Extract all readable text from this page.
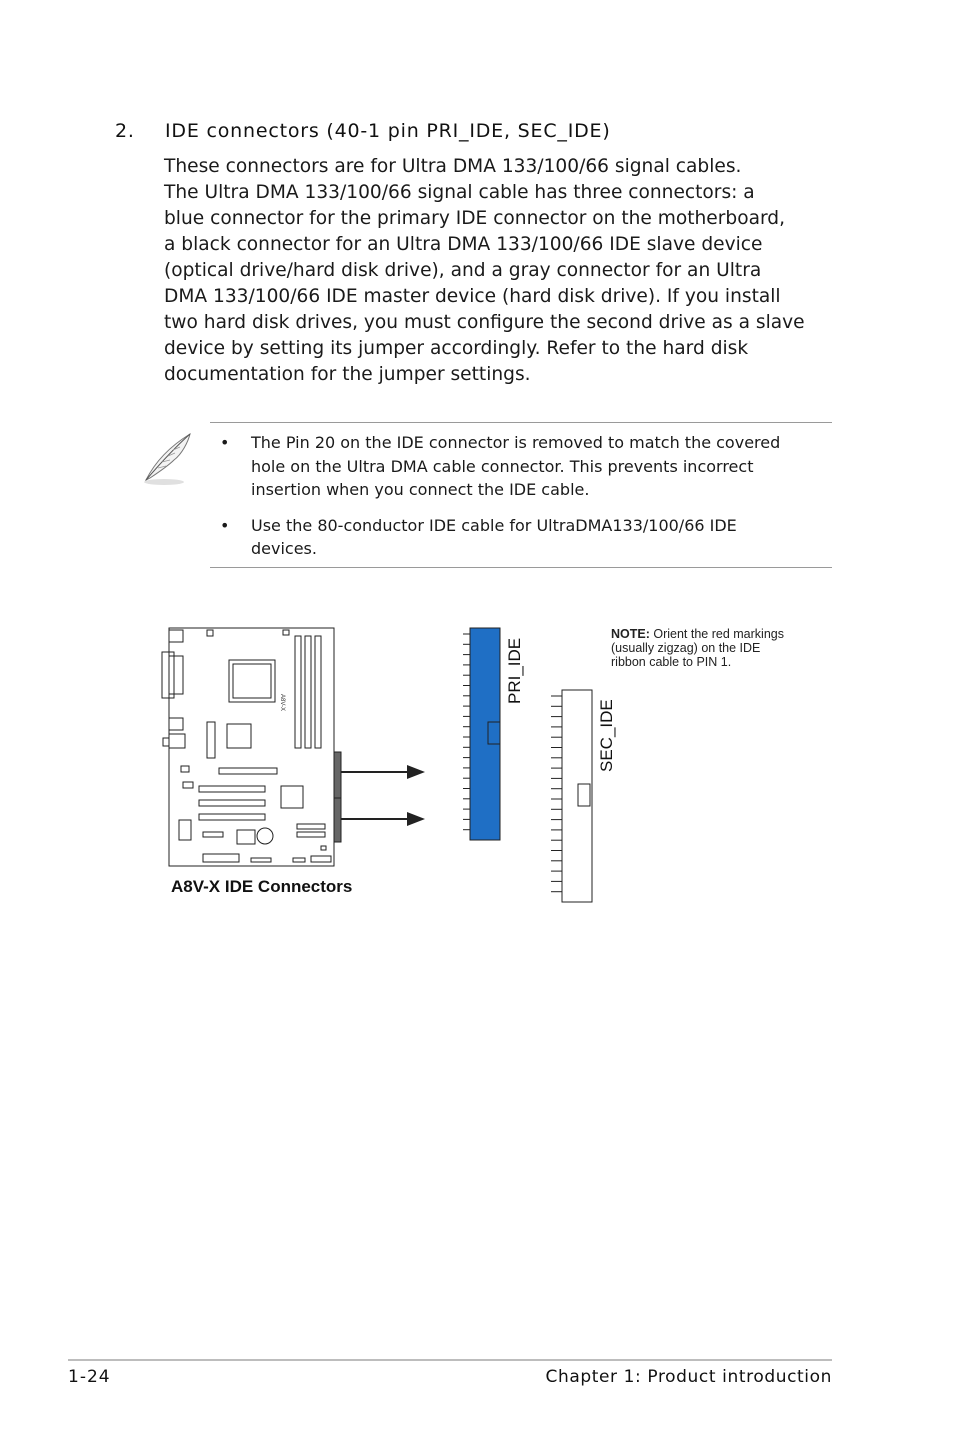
2. IDE connectors (40-1 pin PRI_IDE, SEC_IDE)
These connectors are for Ultra DMA 133/100/66 signal cables.
The Ultra DMA 133/100/66 signal cable has three connectors: a
blue connector for the primary IDE connector on the motherboard,
a black connector for an Ultra DMA 133/100/66 IDE slave device
(optical drive/hard disk drive), and a gray connector for an Ultra
DMA 133/100/66 IDE master device (hard disk drive). If you install
two hard disk drives, you must configure the second drive as a slave
device by setting its jumper accordingly. Refer to the hard disk
documentation for the jumper settings.
• The Pin 20 on the IDE connector is removed to match the covered
hole on the Ultra DMA cable connector. This prevents incorrect
insertion when you connect the IDE cable.
• Use the 80-conductor IDE cable for UltraDMA133/100/66 IDE
devices.
A8V-X	PRI_IDE
SEC_IDE
NOTE: Orient the red markings
(usually zigzag) on the IDE
ribbon cable to PIN 1.
A8V-X IDE Connectors
1-24	Chapter 1: Product introduction
